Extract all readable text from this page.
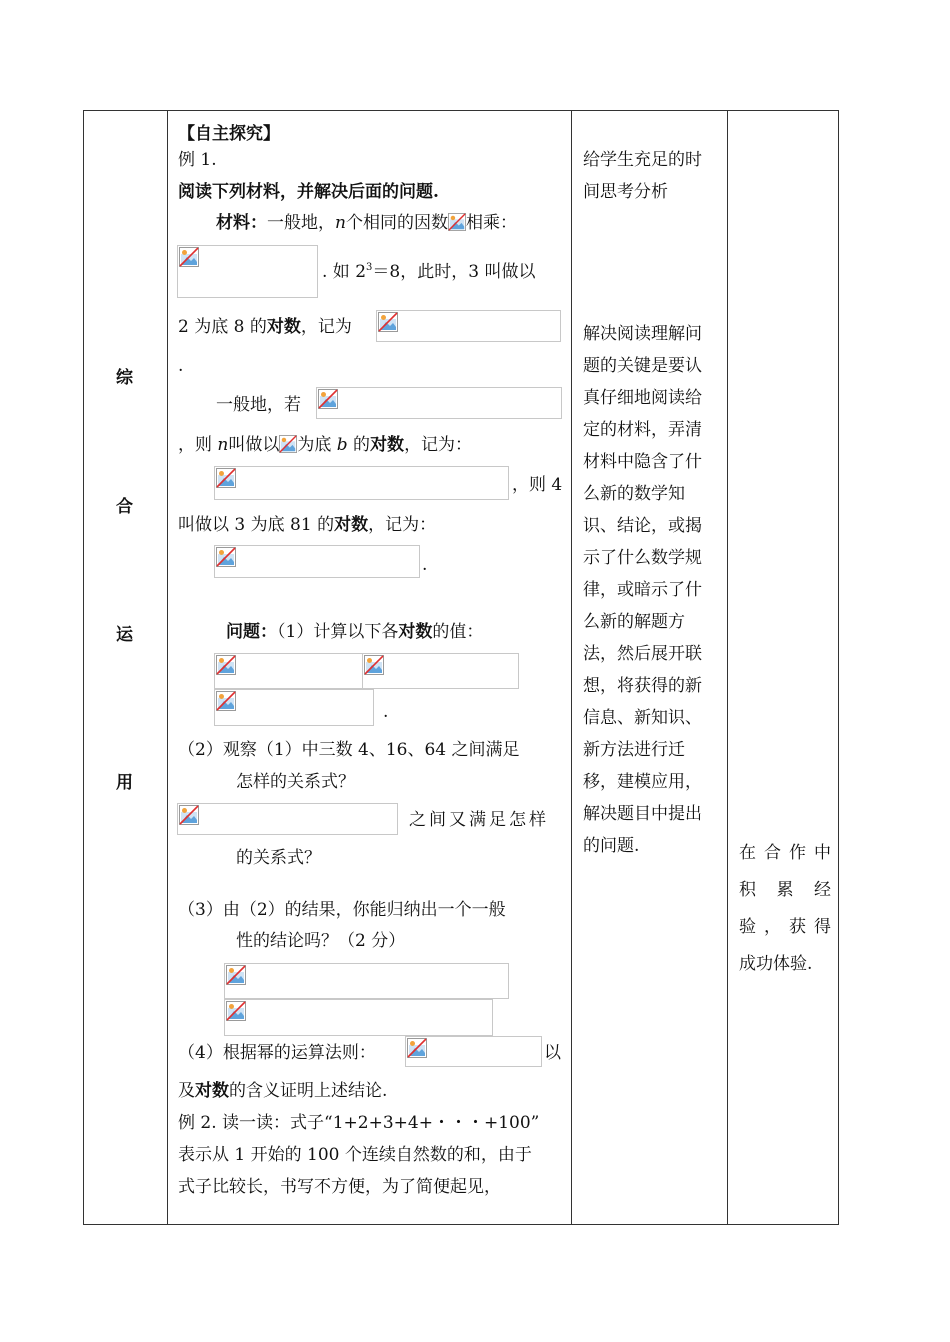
综
合
运
用
【自主探究】
例 1.
阅读下列材料，并解决后面的问题.
材料：一般地，n个相同的因数 相乘：
. 如 $2^3=8$，此时，3 叫做以
2 为底 8 的对数，记为
.
一般地，若
，则 n叫做以 为底 b 的对数，记为：
，则 4
叫做以 3 为底 81 的对数，记为：
.
问题：（1）计算以下各对数的值：
.
（2）观察（1）中三数 4、16、64 之间满足
怎样的关系式？
之间又满足怎样
的关系式？
（3）由（2）的结果，你能归纳出一个一般
性的结论吗？（2 分）
（4）根据幂的运算法则：	以
及对数的含义证明上述结论.
例 2. 读一读：式子“1+2+3+4+・・・+100”
表示从 1 开始的 100 个连续自然数的和，由于
式子比较长，书写不方便，为了简便起见，
给学生充足的时
间思考分析
解决阅读理解问
题的关键是要认
真仔细地阅读给
定的材料，弄清
材料中隐含了什
么新的数学知
识、结论，或揭
示了什么数学规
律，或暗示了什
么新的解题方
法，然后展开联
想，将获得的新
信息、新知识、
新方法进行迁
移，建模应用，
解决题目中提出
的问题.	在合作中
积　累　经
验，获得
成功体验.
